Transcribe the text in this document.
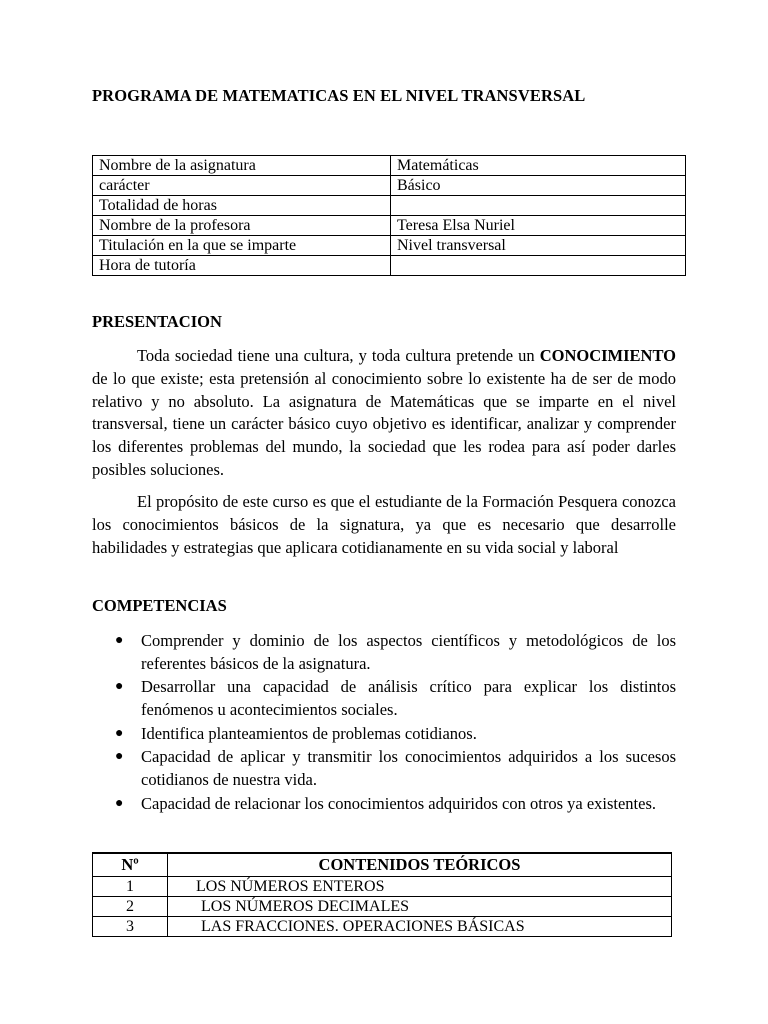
PROGRAMA DE MATEMATICAS EN EL NIVEL TRANSVERSAL
Nombre de la asignatura	Matemáticas
carácter	Básico
Totalidad de horas	
Nombre de la profesora	Teresa Elsa Nuriel
Titulación en la que se imparte	Nivel transversal
Hora de tutoría	
PRESENTACION
Toda sociedad tiene una cultura, y toda cultura pretende un CONOCIMIENTO de lo que existe; esta pretensión al conocimiento sobre lo existente ha de ser de modo relativo y no absoluto. La asignatura de Matemáticas que se imparte en el nivel transversal, tiene un carácter básico cuyo objetivo es identificar, analizar y comprender los diferentes problemas del mundo, la sociedad que les rodea para así poder darles posibles soluciones.
El propósito de este curso es que el estudiante de la Formación Pesquera conozca los conocimientos básicos de la signatura, ya que es necesario que desarrolle habilidades y estrategias que aplicara cotidianamente en su vida social y laboral
COMPETENCIAS
● Comprender y dominio de los aspectos científicos y metodológicos de los referentes básicos de la asignatura.
● Desarrollar una capacidad de análisis crítico para explicar los distintos fenómenos u acontecimientos sociales.
● Identifica planteamientos de problemas cotidianos.
● Capacidad de aplicar y transmitir los conocimientos adquiridos a los sucesos cotidianos de nuestra vida.
● Capacidad de relacionar los conocimientos adquiridos con otros ya existentes.
Nº	CONTENIDOS TEÓRICOS
1	LOS NÚMEROS ENTEROS
2	LOS NÚMEROS DECIMALES
3	LAS FRACCIONES. OPERACIONES BÁSICAS
